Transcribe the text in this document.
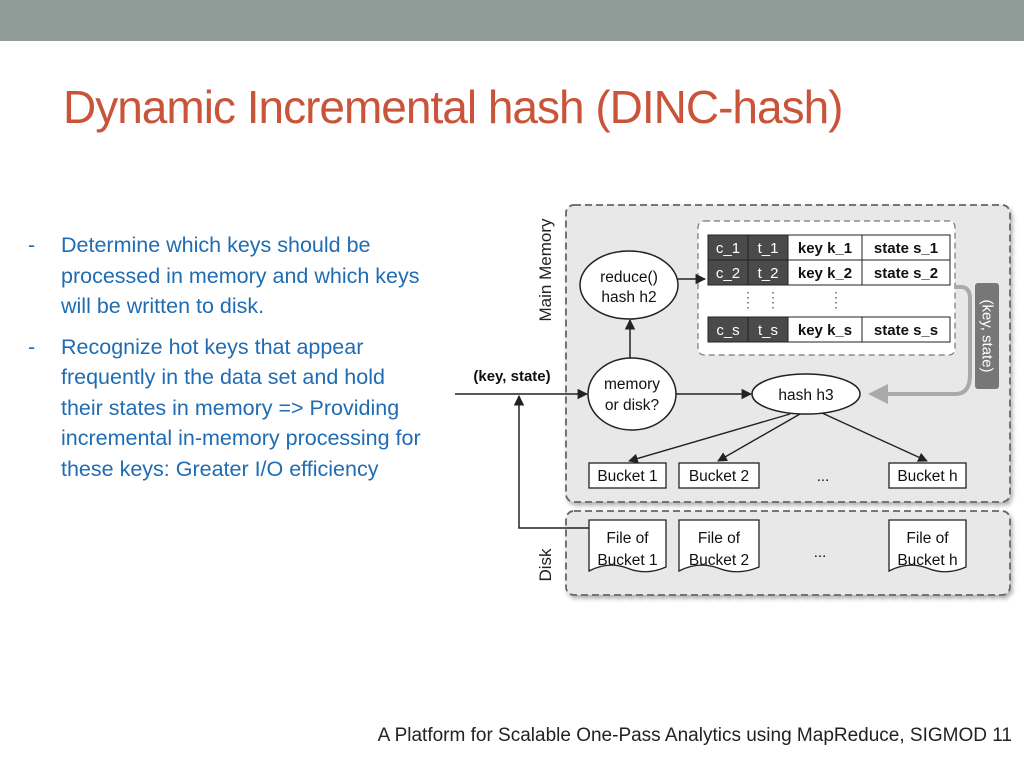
Dynamic Incremental hash (DINC-hash)
- Determine which keys should be processed in memory and which keys will be written to disk.
- Recognize hot keys that appear frequently in the data set and hold their states in memory => Providing incremental in-memory processing for these keys: Greater I/O efficiency
Main Memory
Disk
c_1 t_1 key k_1 state s_1
c_2 t_2 key k_2 state s_2
c_s t_s key k_s state s_s	(key, state)
reduce()
hash h2
memory
or disk?
hash h3
(key, state)
Bucket 1 Bucket 2	...	Bucket h
File of
Bucket 1
File of
Bucket 2	...
File of
Bucket h
A Platform for Scalable One-Pass Analytics using MapReduce, SIGMOD 11
